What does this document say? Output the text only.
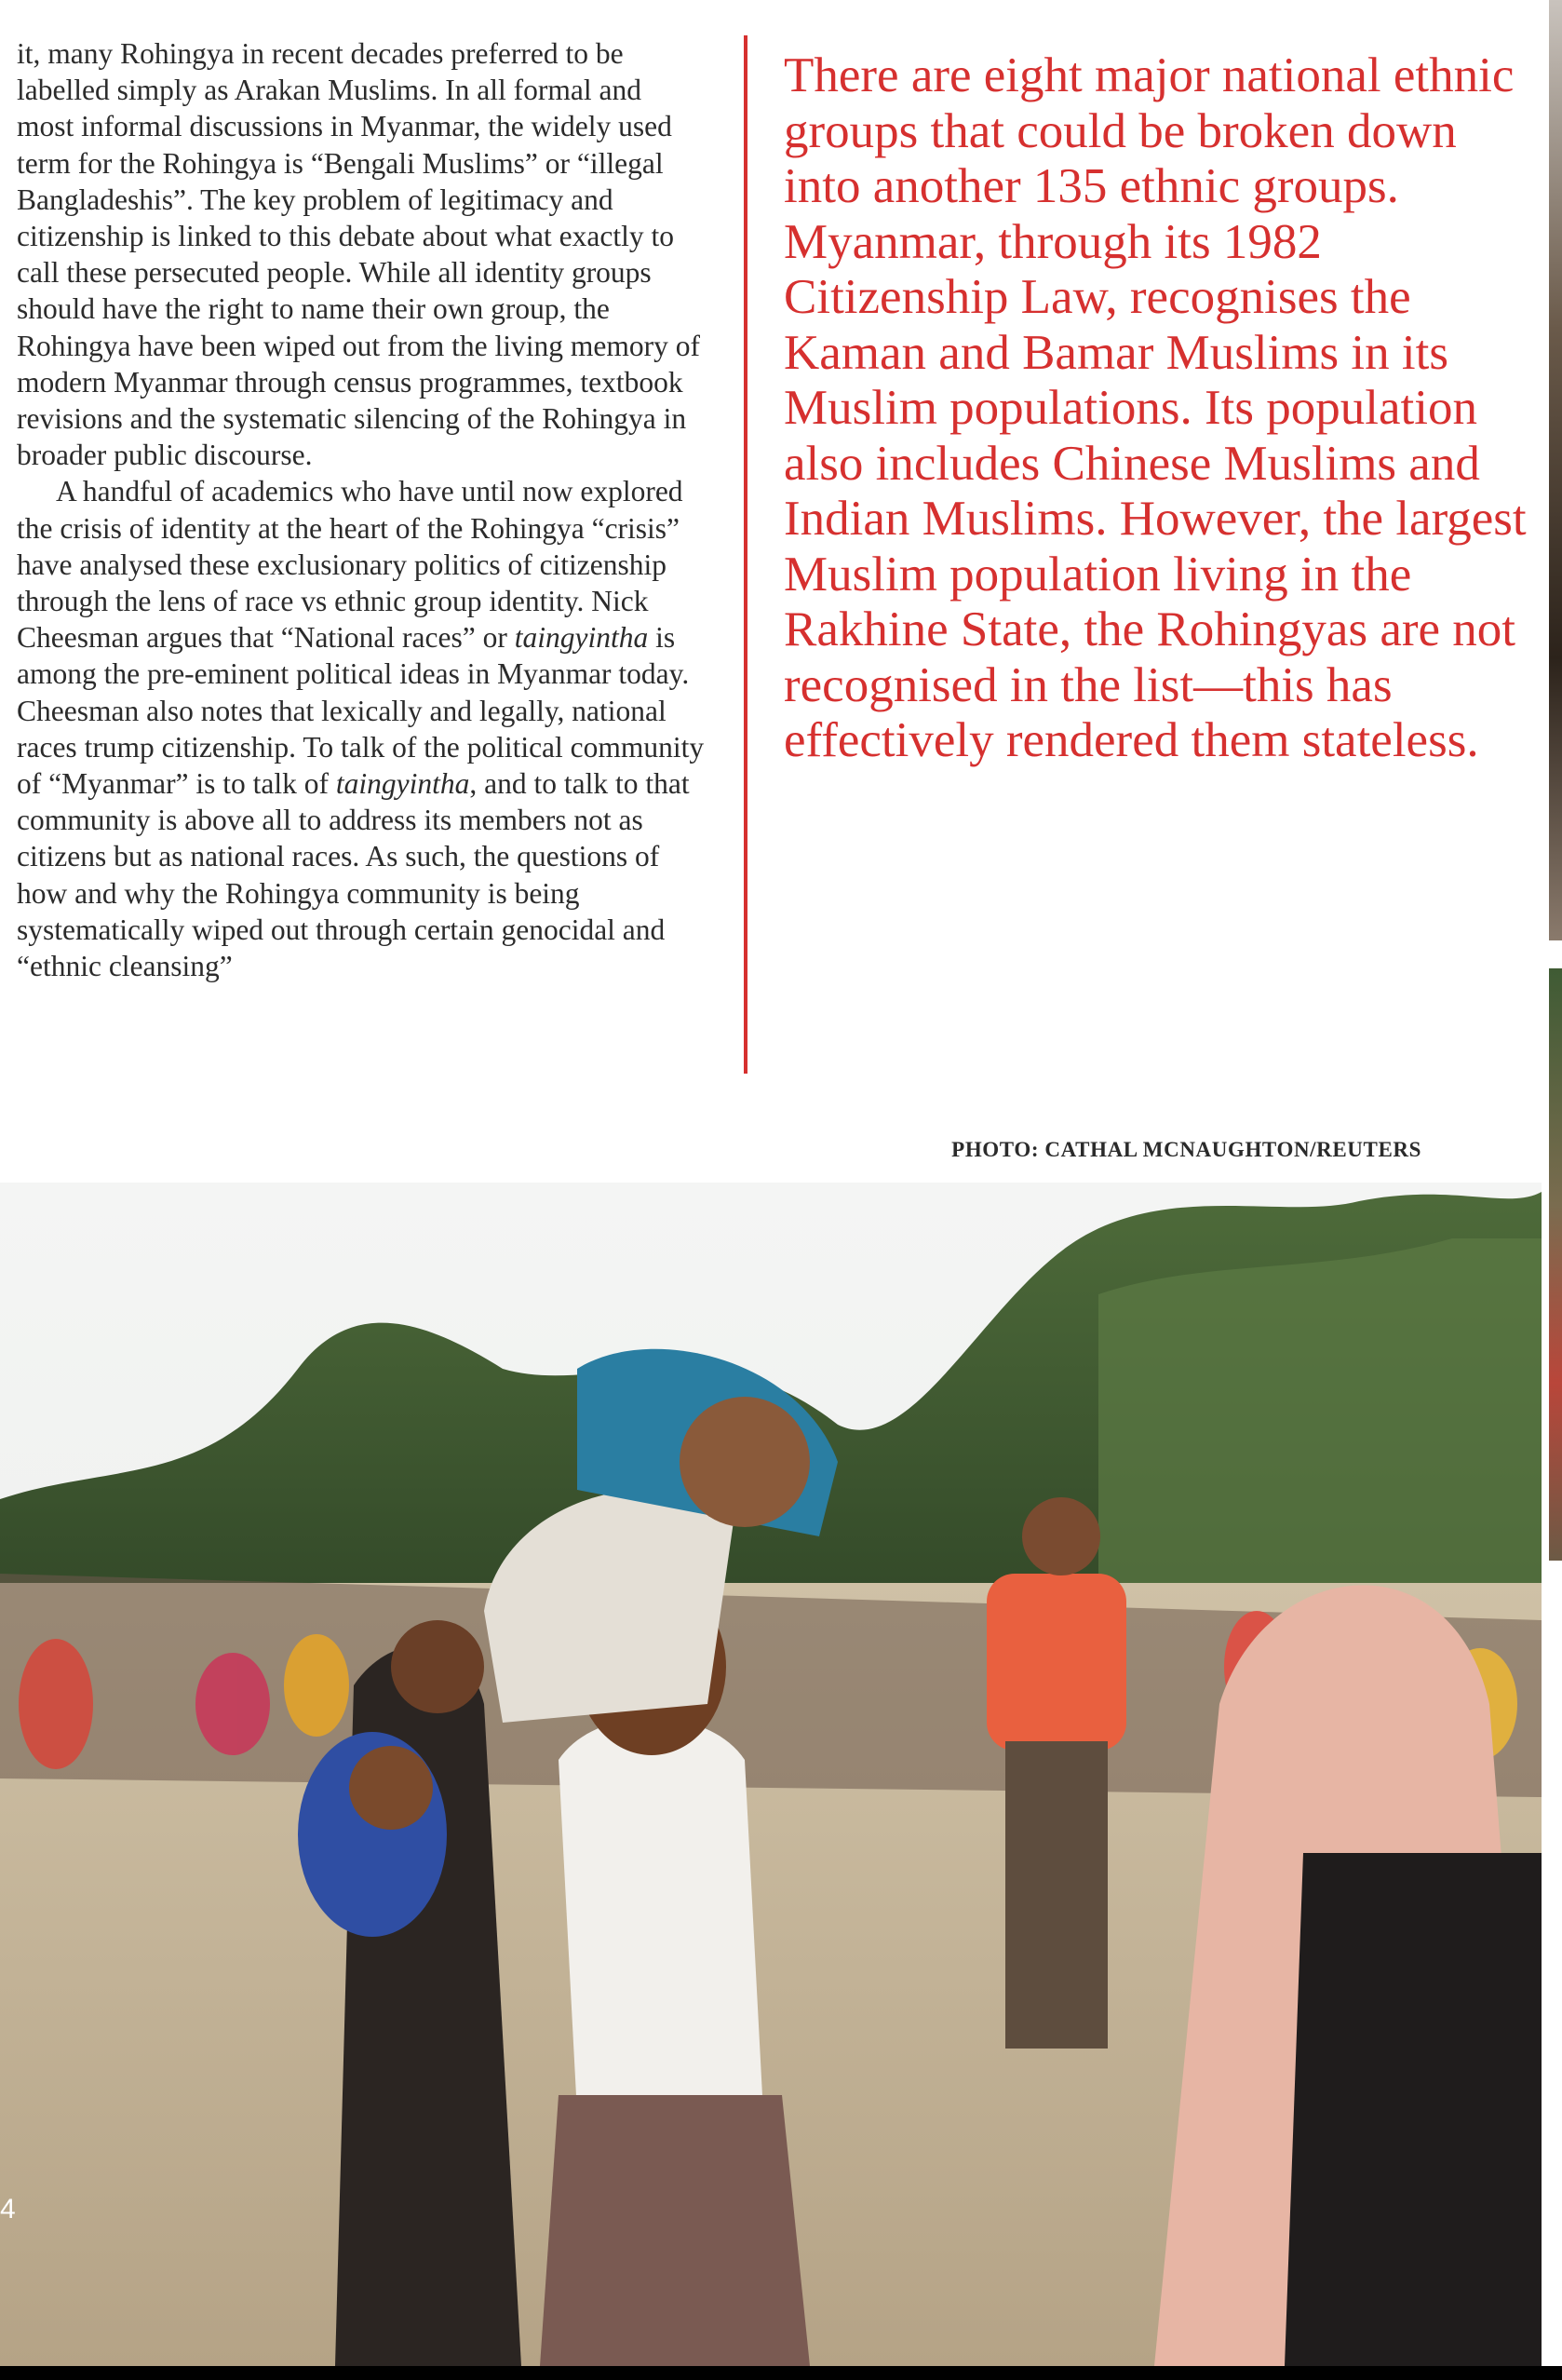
it, many Rohingya in recent decades preferred to be labelled simply as Arakan Muslims. In all formal and most informal discussions in Myanmar, the widely used term for the Rohingya is “Bengali Muslims” or “illegal Bangladeshis”. The key problem of legitimacy and citizenship is linked to this debate about what exactly to call these persecuted people. While all identity groups should have the right to name their own group, the Rohingya have been wiped out from the living memory of modern Myanmar through census programmes, textbook revisions and the systematic silencing of the Rohingya in broader public discourse.

A handful of academics who have until now explored the crisis of identity at the heart of the Rohingya “crisis” have analysed these exclusionary politics of citizenship through the lens of race vs ethnic group identity. Nick Cheesman argues that “National races” or taingyintha is among the pre-eminent political ideas in Myanmar today. Cheesman also notes that lexically and legally, national races trump citizenship. To talk of the political community of “Myanmar” is to talk of taingyintha, and to talk to that community is above all to address its members not as citizens but as national races. As such, the questions of how and why the Rohingya community is being systematically wiped out through certain genocidal and “ethnic cleansing”

There are eight major national ethnic groups that could be broken down into another 135 ethnic groups. Myanmar, through its 1982 Citizenship Law, recognises the Kaman and Bamar Muslims in its Muslim populations. Its population also includes Chinese Muslims and Indian Muslims. However, the largest Muslim population living in the Rakhine State, the Rohingyas are not recognised in the list—this has effectively rendered them stateless.
PHOTO: CATHAL MCNAUGHTON/REUTERS
4
